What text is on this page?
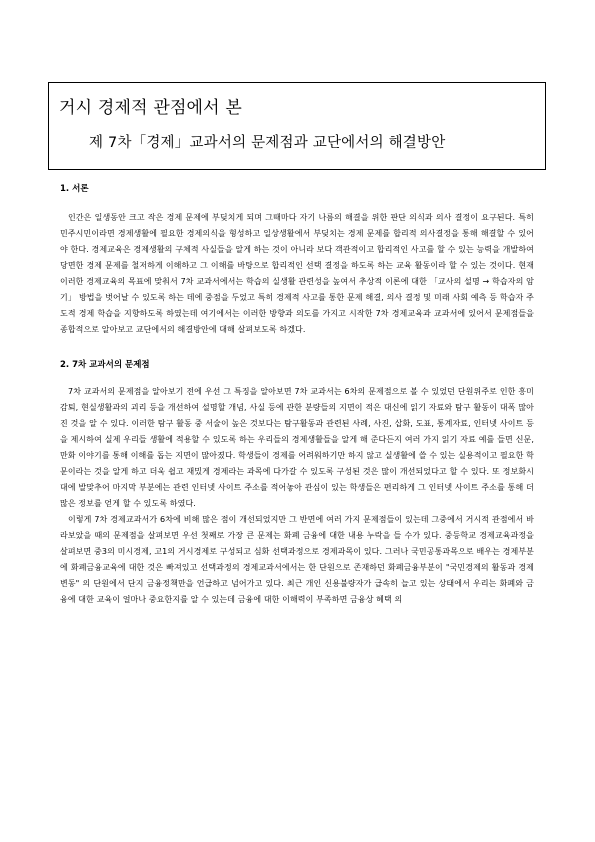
거시 경제적 관점에서 본
제 7차「경제」교과서의 문제점과 교단에서의 해결방안

1. 서론

인간은 일생동안 크고 작은 경제 문제에 부딪치게 되며 그때마다 자기 나름의 해결을 위한 판단 의식과 의사 결정이 요구된다. 특히 민주시민이라면 경제생활에 필요한 경제의식을 형성하고 일상생활에서 부딪치는 경제 문제를 합리적 의사결정을 통해 해결할 수 있어야 한다. 경제교육은 경제생활의 구체적 사실들을 알게 하는 것이 아니라 보다 객관적이고 합리적인 사고를 할 수 있는 능력을 개발하여 당면한 경제 문제를 철저하게 이해하고 그 이해를 바탕으로 합리적인 선택 결정을 하도록 하는 교육 활동이라 할 수 있는 것이다. 현재 이러한 경제교육의 목표에 맞춰서 7차 교과서에서는 학습의 실생활 관련성을 높여서 추상적 이론에 대한 「교사의 설명 → 학습자의 암기」 방법을 벗어날 수 있도록 하는 데에 중점을 두었고 특히 경제적 사고를 통한 문제 해결, 의사 결정 및 미래 사회 예측 등 학습자 주도적 경제 학습을 지향하도록 하였는데 여기에서는 이러한 방향과 의도를 가지고 시작한 7차 경제교육과 교과서에 있어서 문제점들을 종합적으로 알아보고 교단에서의 해결방안에 대해 살펴보도록 하겠다.

2. 7차 교과서의 문제점

7차 교과서의 문제점을 알아보기 전에 우선 그 특징을 알아보면 7차 교과서는 6차의 문제점으로 볼 수 있었던 단원위주로 인한 흥미감퇴, 현실생활과의 괴리 등을 개선하여 설명할 개념, 사실 등에 관한 분량들의 지면이 적은 대신에 읽기 자료와 탐구 활동이 대폭 많아진 것을 알 수 있다. 이러한 탐구 활동 중 서술이 높은 것보다는 탐구활동과 관련된 사례, 사진, 삽화, 도표, 통계자료, 인터넷 사이트 등을 제시하여 실제 우리들 생활에 적용할 수 있도록 하는 우리들의 경제생활들을 알게 해 준다든지 여러 가지 읽기 자료 예를 들면 신문, 만화 이야기를 통해 이해를 돕는 지면이 많아졌다. 학생들이 경제를 어려워하기만 하지 않고 실생활에 쓸 수 있는 실용적이고 필요한 학문이라는 것을 알게 하고 더욱 쉽고 재밌게 경제라는 과목에 다가갈 수 있도록 구성된 것은 많이 개선되었다고 할 수 있다. 또 정보화시대에 발맞추어 마지막 부분에는 관련 인터넷 사이트 주소를 적어놓아 관심이 있는 학생들은 편리하게 그 인터넷 사이트 주소를 통해 더 많은 정보를 얻게 할 수 있도록 하였다.

이렇게 7차 경제교과서가 6차에 비해 많은 점이 개선되었지만 그 반면에 여러 가지 문제점들이 있는데 그중에서 거시적 관점에서 바라보았을 때의 문제점을 살펴보면 우선 첫째로 가장 큰 문제는 화폐 금융에 대한 내용 누락을 들 수가 있다. 중등학교 경제교육과정을 살펴보면 중3의 미시경제, 고1의 거시경제로 구성되고 심화 선택과정으로 경제과목이 있다. 그러나 국민공통과목으로 배우는 경제부분에 화폐금융교육에 대한 것은 빠져있고 선택과정의 경제교과서에서는 한 단원으로 존재하던 화폐금융부분이 "국민경제의 활동과 경제변동" 의 단원에서 단지 금융정책만을 언급하고 넘어가고 있다. 최근 개인 신용불량자가 급속히 늘고 있는 상태에서 우리는 화폐와 금융에 대한 교육이 얼마나 중요한지를 알 수 있는데 금융에 대한 이해력이 부족하면 금융상 혜택 의
